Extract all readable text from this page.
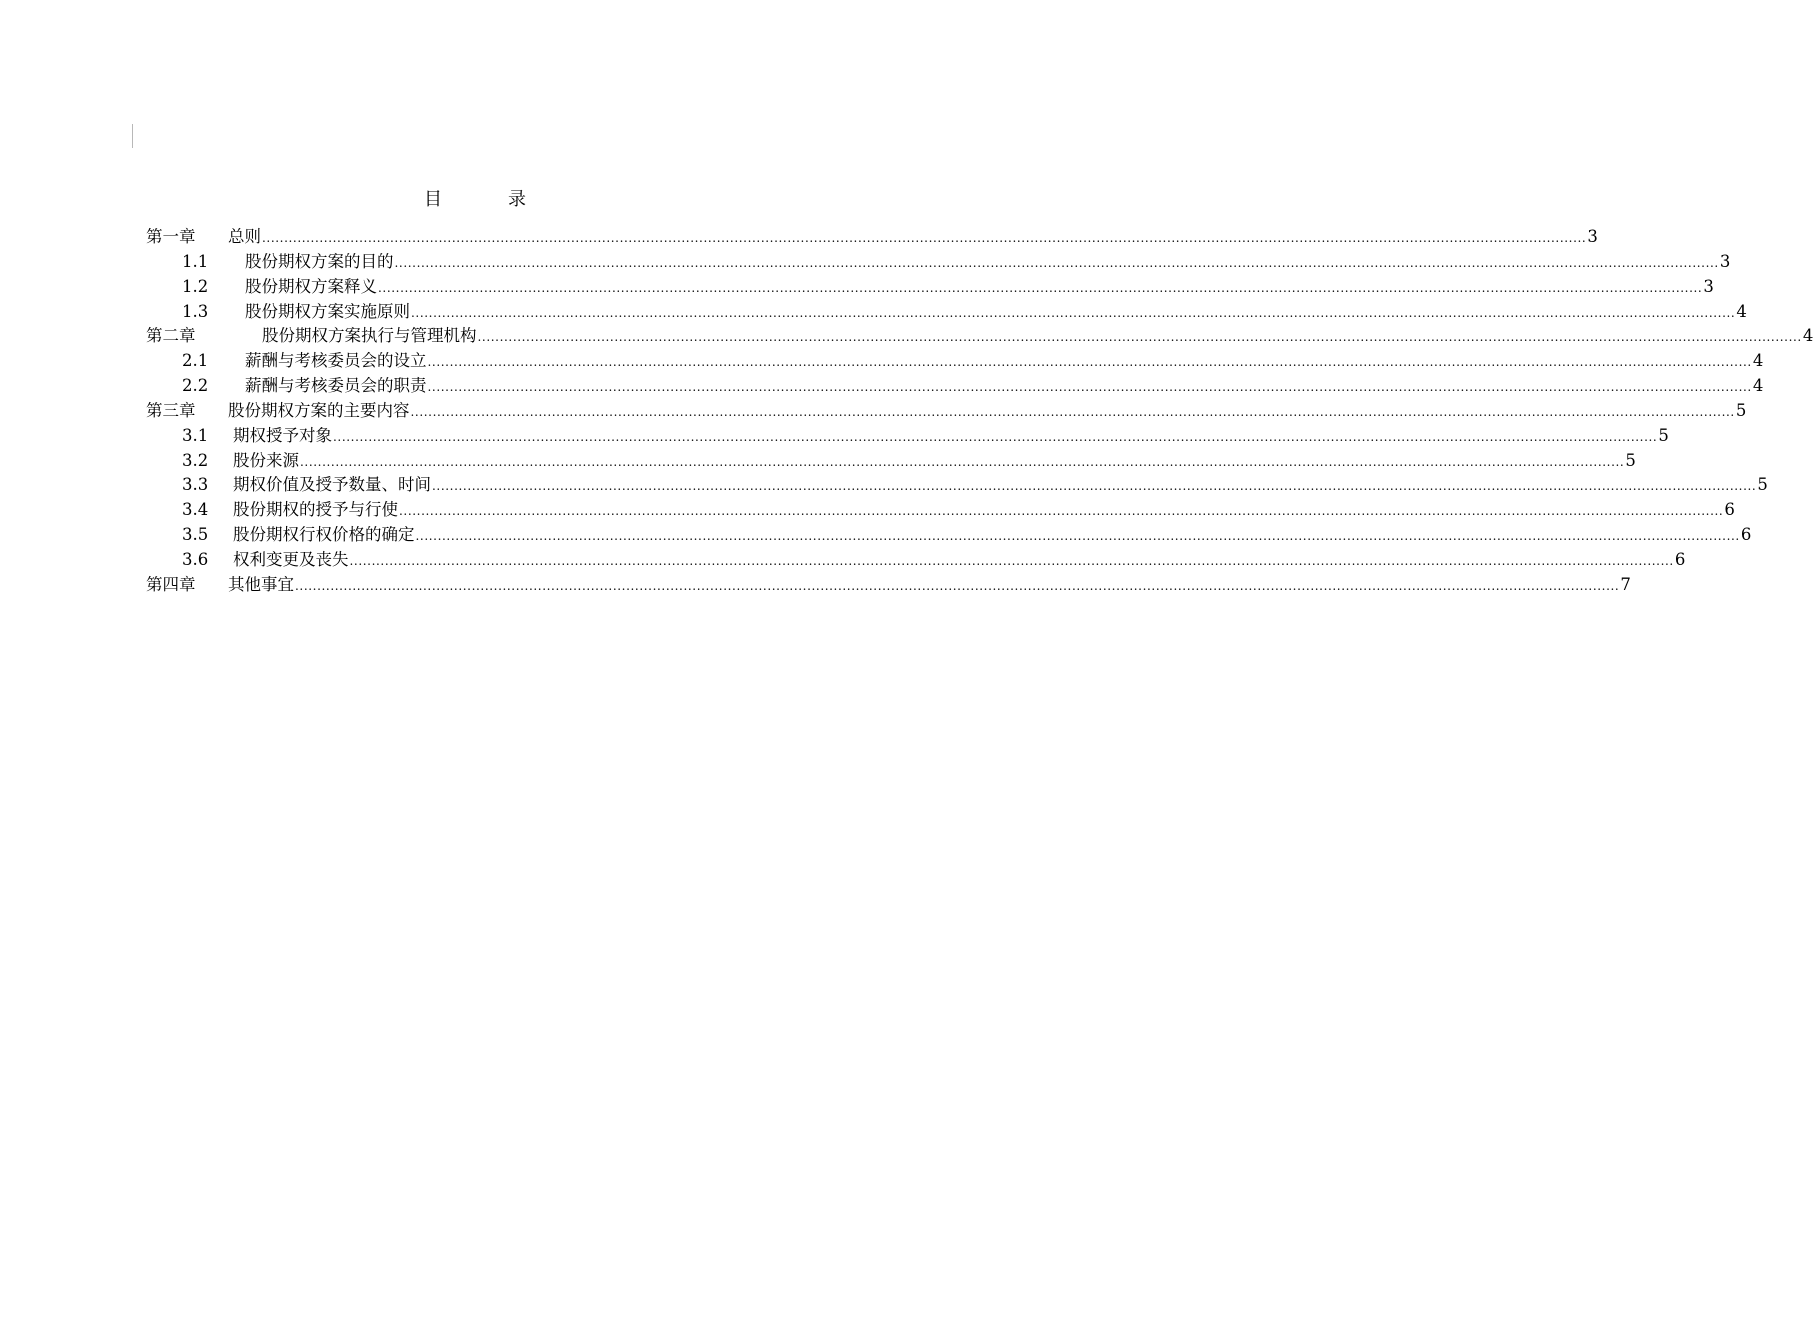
目　录
第一章	总则 ............................................................................................................................................................................................................................................................................................................ 3
1.1	股份期权方案的目的 ............................................................................................................................................................................................................................................................................................................ 3
1.2	股份期权方案释义 ............................................................................................................................................................................................................................................................................................................ 3
1.3	股份期权方案实施原则 ............................................................................................................................................................................................................................................................................................................ 4
第二章	股份期权方案执行与管理机构 ............................................................................................................................................................................................................................................................................................................ 4
2.1	薪酬与考核委员会的设立 ............................................................................................................................................................................................................................................................................................................ 4
2.2	薪酬与考核委员会的职责 ............................................................................................................................................................................................................................................................................................................ 4
第三章	股份期权方案的主要内容 ............................................................................................................................................................................................................................................................................................................ 5
3.1	期权授予对象 ............................................................................................................................................................................................................................................................................................................ 5
3.2	股份来源 ............................................................................................................................................................................................................................................................................................................ 5
3.3	期权价值及授予数量、时间 ............................................................................................................................................................................................................................................................................................................ 5
3.4	股份期权的授予与行使 ............................................................................................................................................................................................................................................................................................................ 6
3.5	股份期权行权价格的确定 ............................................................................................................................................................................................................................................................................................................ 6
3.6	权利变更及丧失 ............................................................................................................................................................................................................................................................................................................ 6
第四章	其他事宜 ............................................................................................................................................................................................................................................................................................................ 7
